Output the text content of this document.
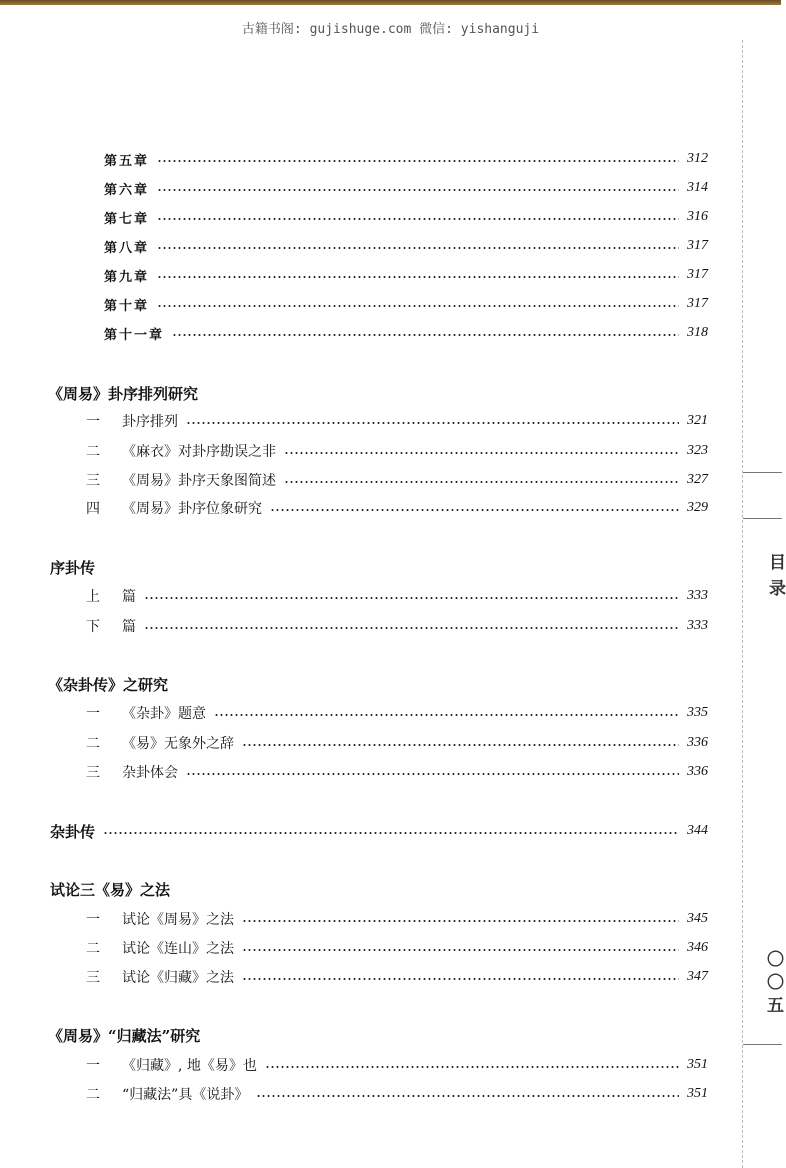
古籍书阁: gujishuge.com 微信: yishanguji
第五章	312
第六章	314
第七章	316
第八章	317
第九章	317
第十章	317
第十一章	318
《周易》卦序排列研究
一	卦序排列	321
二	《麻衣》对卦序勘误之非	323
三	《周易》卦序天象图简述	327
四	《周易》卦序位象研究	329
序卦传
上	篇	333
下	篇	333
《杂卦传》之研究
一	《杂卦》题意	335
二	《易》无象外之辞	336
三	杂卦体会	336
杂卦传	344
试论三《易》之法
一	试论《周易》之法	345
二	试论《连山》之法	346
三	试论《归藏》之法	347
《周易》“归藏法”研究
一	《归藏》, 地《易》也	351
二	“归藏法”具《说卦》	351
目
录
〇
〇
五
